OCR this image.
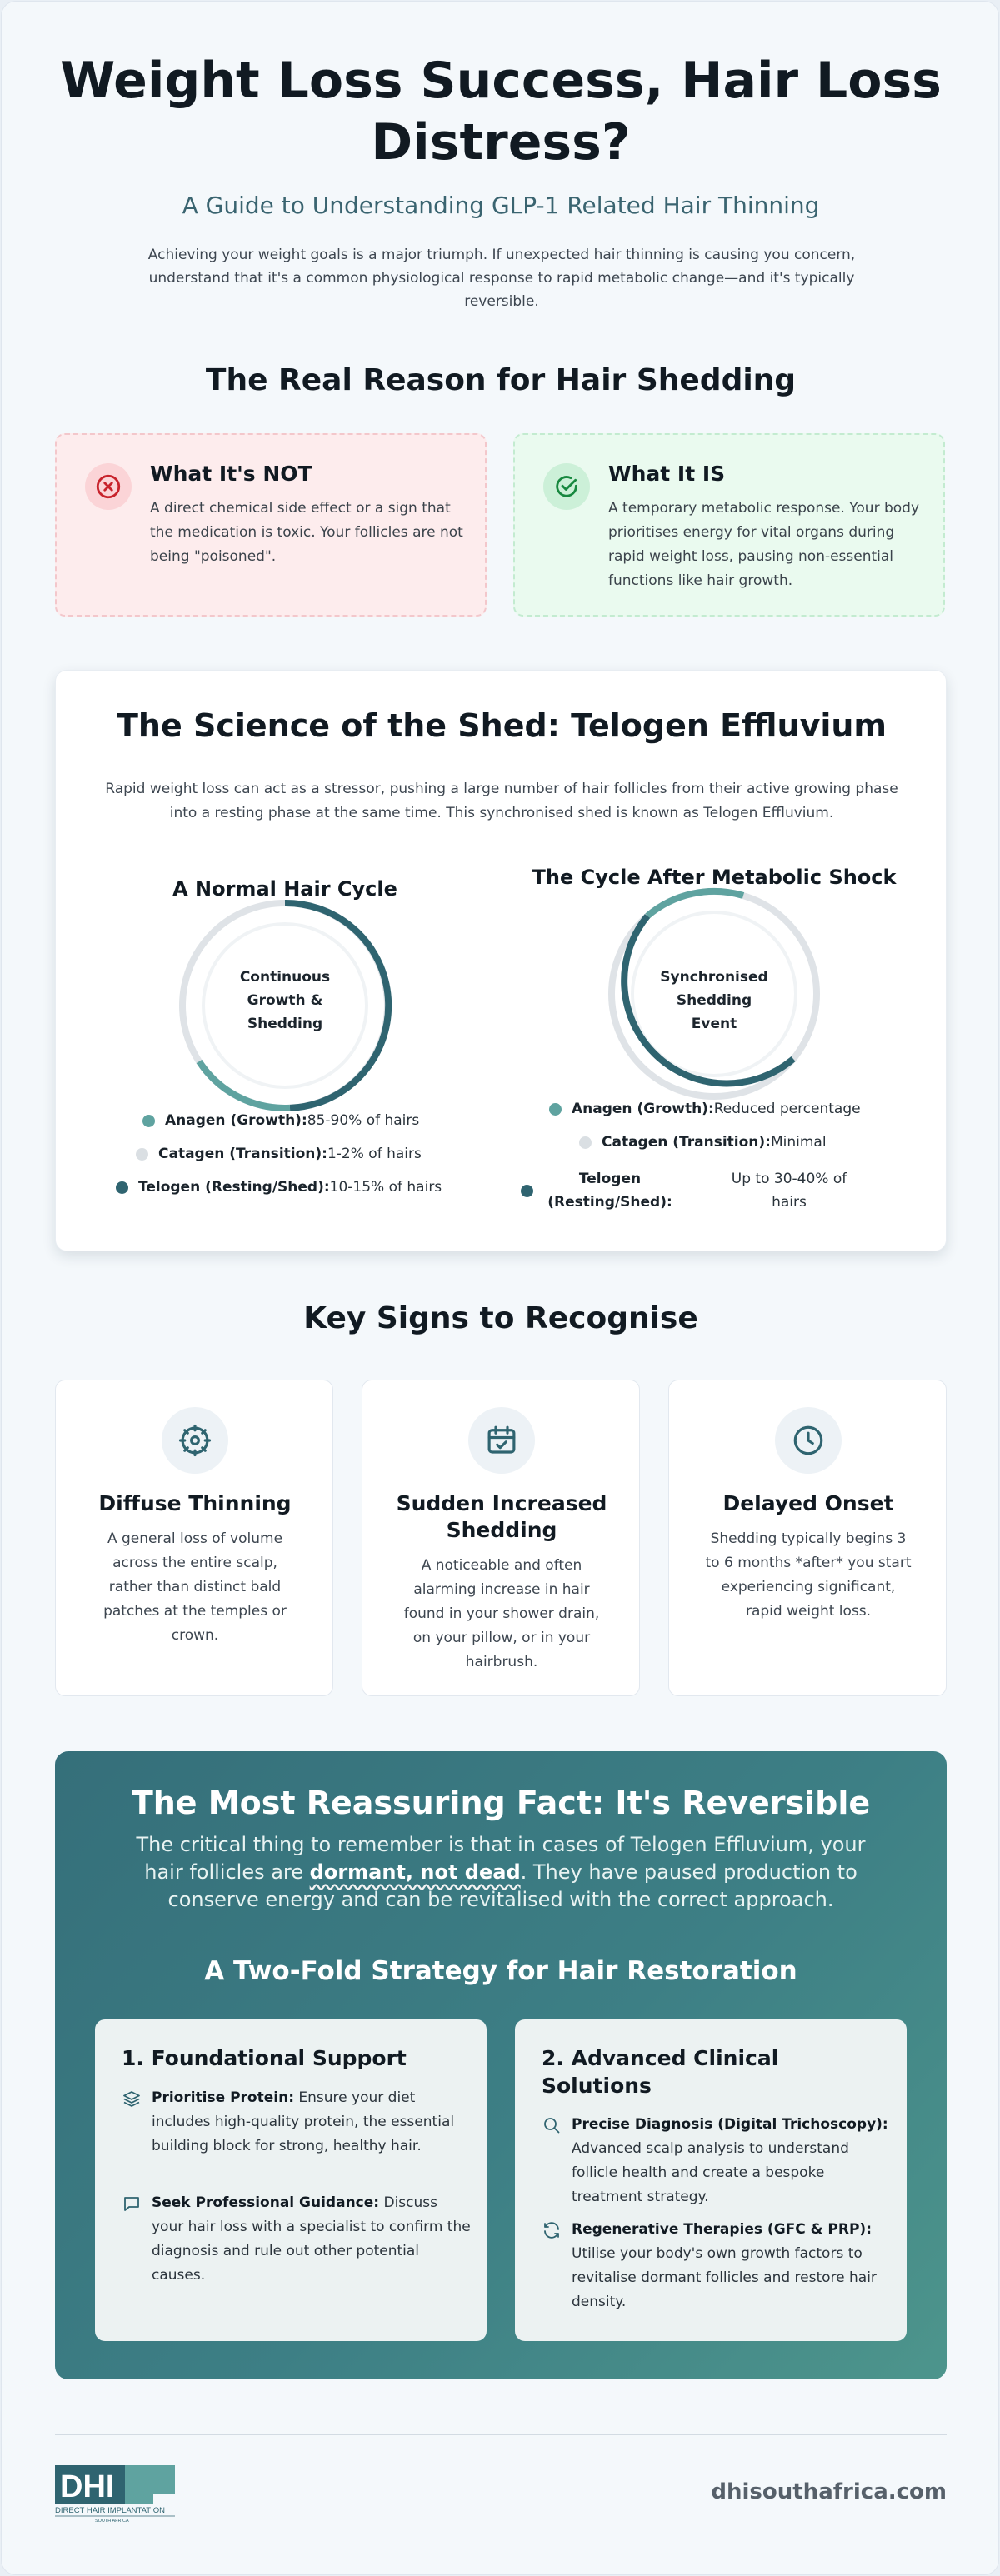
Weight Loss Success, Hair Loss Distress?
A Guide to Understanding GLP-1 Related Hair Thinning

Achieving your weight goals is a major triumph. If unexpected hair thinning is causing you concern, understand that it's a common physiological response to rapid metabolic change—and it's typically reversible.

The Real Reason for Hair Shedding
What It's NOT

A direct chemical side effect or a sign that the medication is toxic. Your follicles are not being "poisoned".

What It IS

A temporary metabolic response. Your body prioritises energy for vital organs during rapid weight loss, pausing non-essential functions like hair growth.

The Science of the Shed: Telogen Effluvium

Rapid weight loss can act as a stressor, pushing a large number of hair follicles from their active growing phase into a resting phase at the same time. This synchronised shed is known as Telogen Effluvium.

A Normal Hair Cycle
Continuous Growth & Shedding
Anagen (Growth): 85-90% of hairs
Catagen (Transition): 1-2% of hairs
Telogen (Resting/Shed): 10-15% of hairs
The Cycle After Metabolic Shock
Synchronised Shedding Event
Anagen (Growth): Reduced percentage
Catagen (Transition): Minimal
Telogen (Resting/Shed):
Up to 30-40% of hairs
Key Signs to Recognise
Diffuse Thinning

A general loss of volume across the entire scalp, rather than distinct bald patches at the temples or crown.

Sudden Increased Shedding

A noticeable and often alarming increase in hair found in your shower drain, on your pillow, or in your hairbrush.

Delayed Onset

Shedding typically begins 3 to 6 months *after* you start experiencing significant, rapid weight loss.

The Most Reassuring Fact: It's Reversible

The critical thing to remember is that in cases of Telogen Effluvium, your hair follicles are dormant, not dead. They have paused production to conserve energy and can be revitalised with the correct approach.

A Two-Fold Strategy for Hair Restoration
1. Foundational Support

Prioritise Protein: Ensure your diet includes high-quality protein, the essential building block for strong, healthy hair.

Seek Professional Guidance: Discuss your hair loss with a specialist to confirm the diagnosis and rule out other potential causes.

2. Advanced Clinical Solutions

Precise Diagnosis (Digital Trichoscopy): Advanced scalp analysis to understand follicle health and create a bespoke treatment strategy.

Regenerative Therapies (GFC & PRP): Utilise your body's own growth factors to revitalise dormant follicles and restore hair density.

DHI
DIRECT HAIR IMPLANTATION
SOUTH AFRICA
dhisouthafrica.com
